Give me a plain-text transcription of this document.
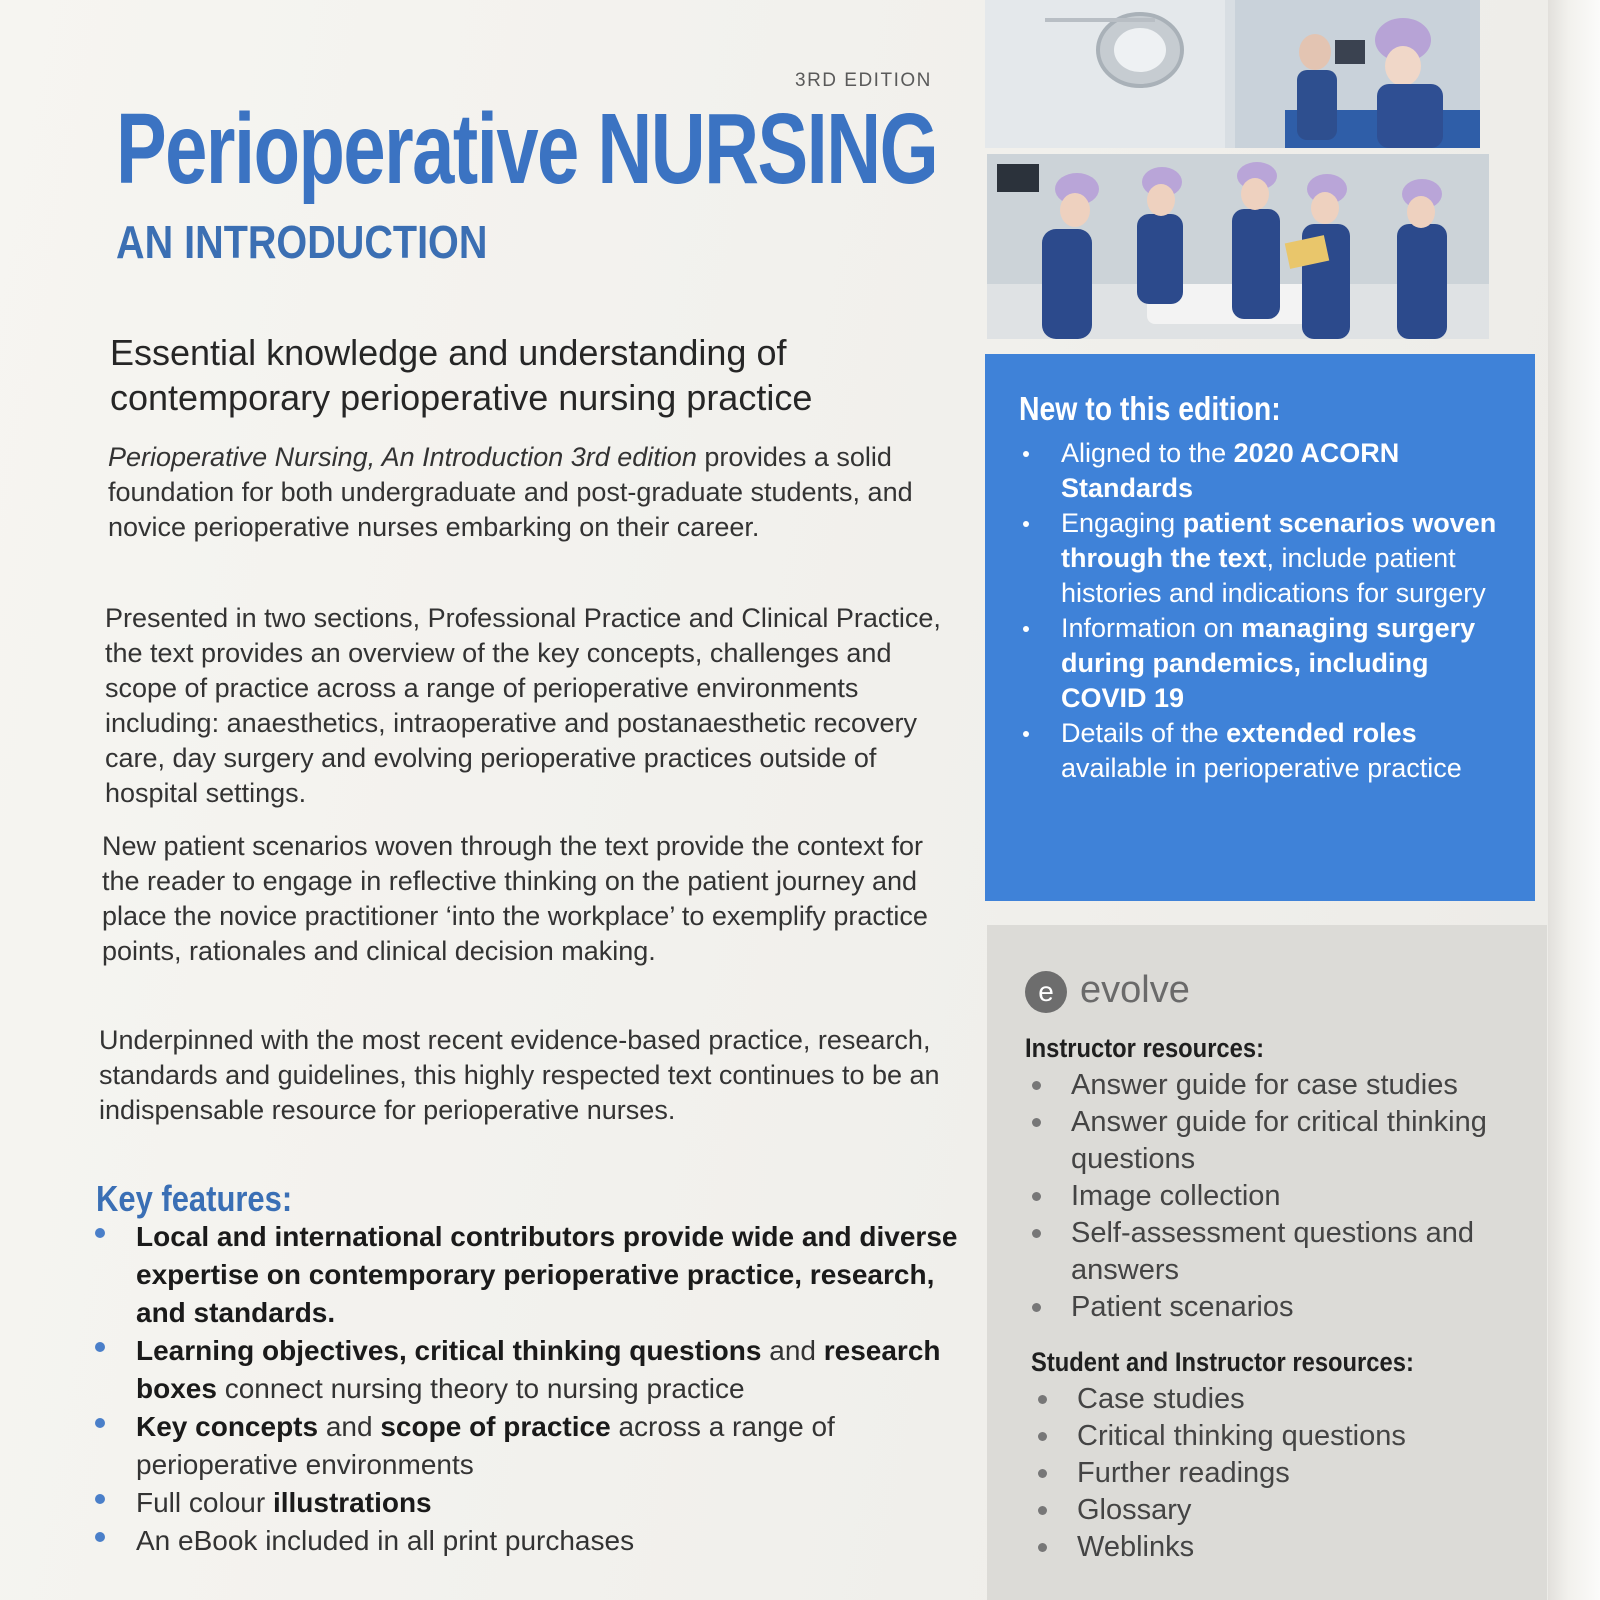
3RD EDITION
Perioperative NURSING
AN INTRODUCTION

Essential knowledge and understanding of contemporary perioperative nursing practice

Perioperative Nursing, An Introduction 3rd edition provides a solid foundation for both undergraduate and post-graduate students, and novice perioperative nurses embarking on their career.

Presented in two sections, Professional Practice and Clinical Practice, the text provides an overview of the key concepts, challenges and scope of practice across a range of perioperative environments including: anaesthetics, intraoperative and postanaesthetic recovery care, day surgery and evolving perioperative practices outside of hospital settings.

New patient scenarios woven through the text provide the context for the reader to engage in reflective thinking on the patient journey and place the novice practitioner ‘into the workplace’ to exemplify practice points, rationales and clinical decision making.

Underpinned with the most recent evidence-based practice, research, standards and guidelines, this highly respected text continues to be an indispensable resource for perioperative nurses.

Key features:
Local and international contributors provide wide and diverse expertise on contemporary perioperative practice, research, and standards.
Learning objectives, critical thinking questions and research boxes connect nursing theory to nursing practice
Key concepts and scope of practice across a range of perioperative environments
Full colour illustrations
An eBook included in all print purchases
New to this edition:
Aligned to the 2020 ACORN Standards
Engaging patient scenarios woven through the text, include patient histories and indications for surgery
Information on managing surgery during pandemics, including COVID 19
Details of the extended roles available in perioperative practice
e evolve

Instructor resources:
Answer guide for case studies
Answer guide for critical thinking questions
Image collection
Self-assessment questions and answers
Patient scenarios
Student and Instructor resources:
Case studies
Critical thinking questions
Further readings
Glossary
Weblinks
